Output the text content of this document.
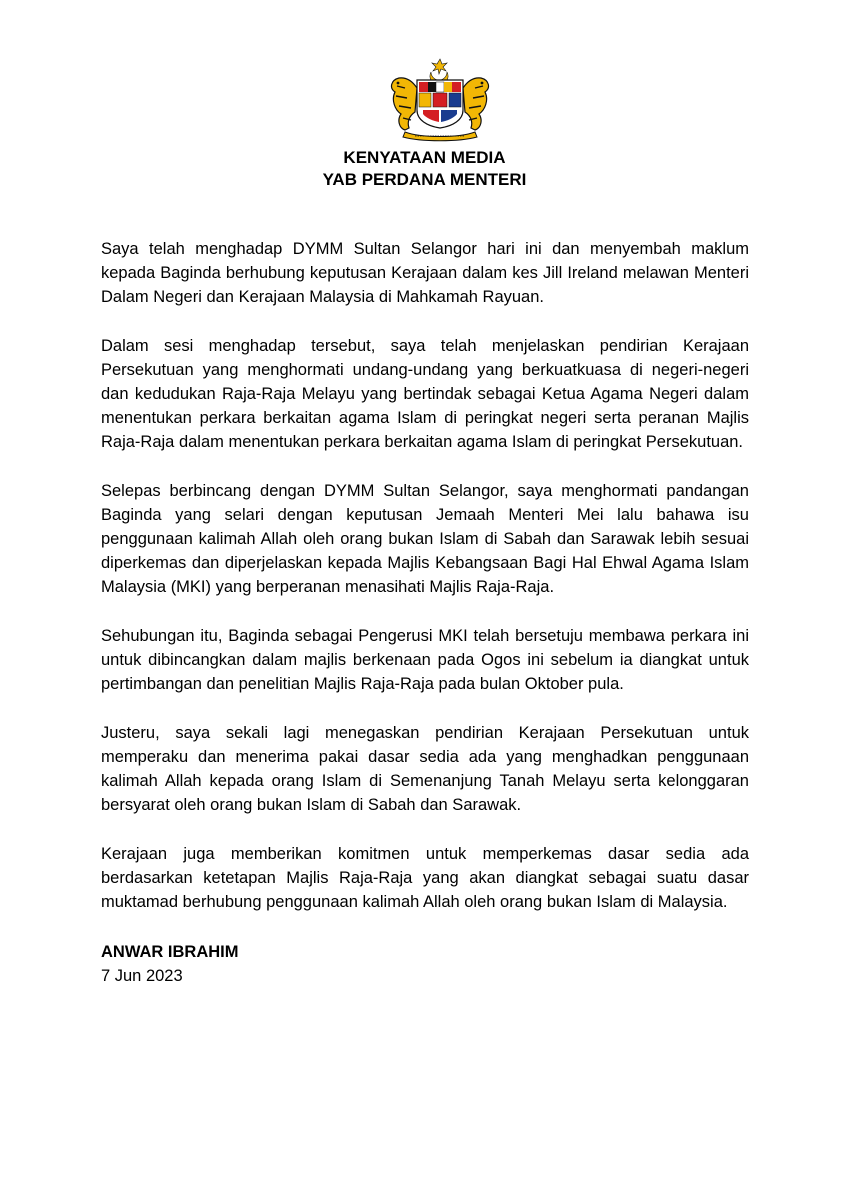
KENYATAAN MEDIA
YAB PERDANA MENTERI

Saya telah menghadap DYMM Sultan Selangor hari ini dan menyembah maklum kepada Baginda berhubung keputusan Kerajaan dalam kes Jill Ireland melawan Menteri Dalam Negeri dan Kerajaan Malaysia di Mahkamah Rayuan.

Dalam sesi menghadap tersebut, saya telah menjelaskan pendirian Kerajaan Persekutuan yang menghormati undang-undang yang berkuatkuasa di negeri-negeri dan kedudukan Raja-Raja Melayu yang bertindak sebagai Ketua Agama Negeri dalam menentukan perkara berkaitan agama Islam di peringkat negeri serta peranan Majlis Raja-Raja dalam menentukan perkara berkaitan agama Islam di peringkat Persekutuan.

Selepas berbincang dengan DYMM Sultan Selangor, saya menghormati pandangan Baginda yang selari dengan keputusan Jemaah Menteri Mei lalu bahawa isu penggunaan kalimah Allah oleh orang bukan Islam di Sabah dan Sarawak lebih sesuai diperkemas dan diperjelaskan kepada Majlis Kebangsaan Bagi Hal Ehwal Agama Islam Malaysia (MKI) yang berperanan menasihati Majlis Raja-Raja.

Sehubungan itu, Baginda sebagai Pengerusi MKI telah bersetuju membawa perkara ini untuk dibincangkan dalam majlis berkenaan pada Ogos ini sebelum ia diangkat untuk pertimbangan dan penelitian Majlis Raja-Raja pada bulan Oktober pula.

Justeru, saya sekali lagi menegaskan pendirian Kerajaan Persekutuan untuk memperaku dan menerima pakai dasar sedia ada yang menghadkan penggunaan kalimah Allah kepada orang Islam di Semenanjung Tanah Melayu serta kelonggaran bersyarat oleh orang bukan Islam di Sabah dan Sarawak.

Kerajaan juga memberikan komitmen untuk memperkemas dasar sedia ada berdasarkan ketetapan Majlis Raja-Raja yang akan diangkat sebagai suatu dasar muktamad berhubung penggunaan kalimah Allah oleh orang bukan Islam di Malaysia.

ANWAR IBRAHIM
7 Jun 2023
